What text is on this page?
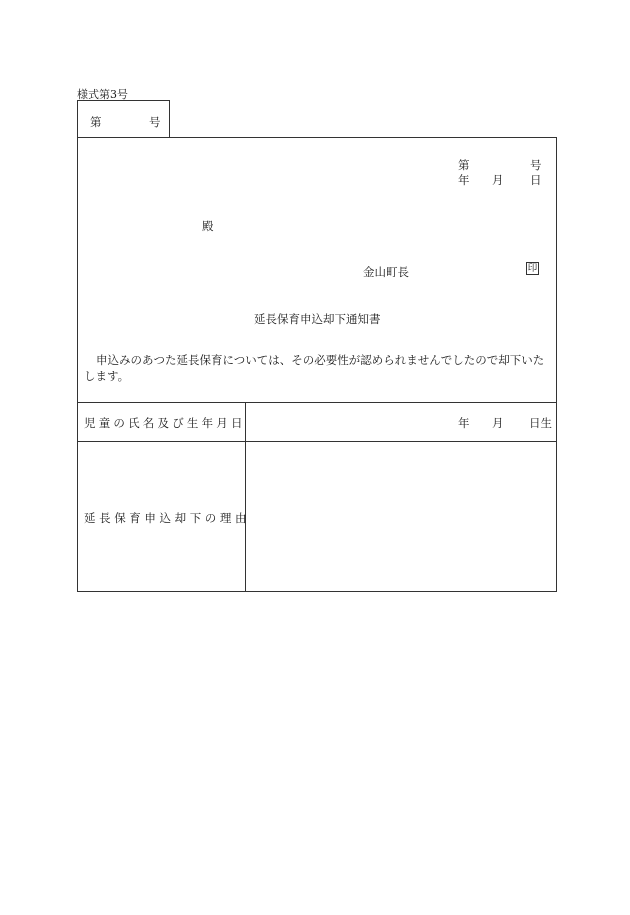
様式第3号
第	号
第	号
年 月 日
殿
金山町長	印
延長保育申込却下通知書
申込みのあつた延長保育については、その必要性が認められませんでしたので却下いたします。
児童の氏名及び生年月日	年 月 日生
延長保育申込却下の理由
